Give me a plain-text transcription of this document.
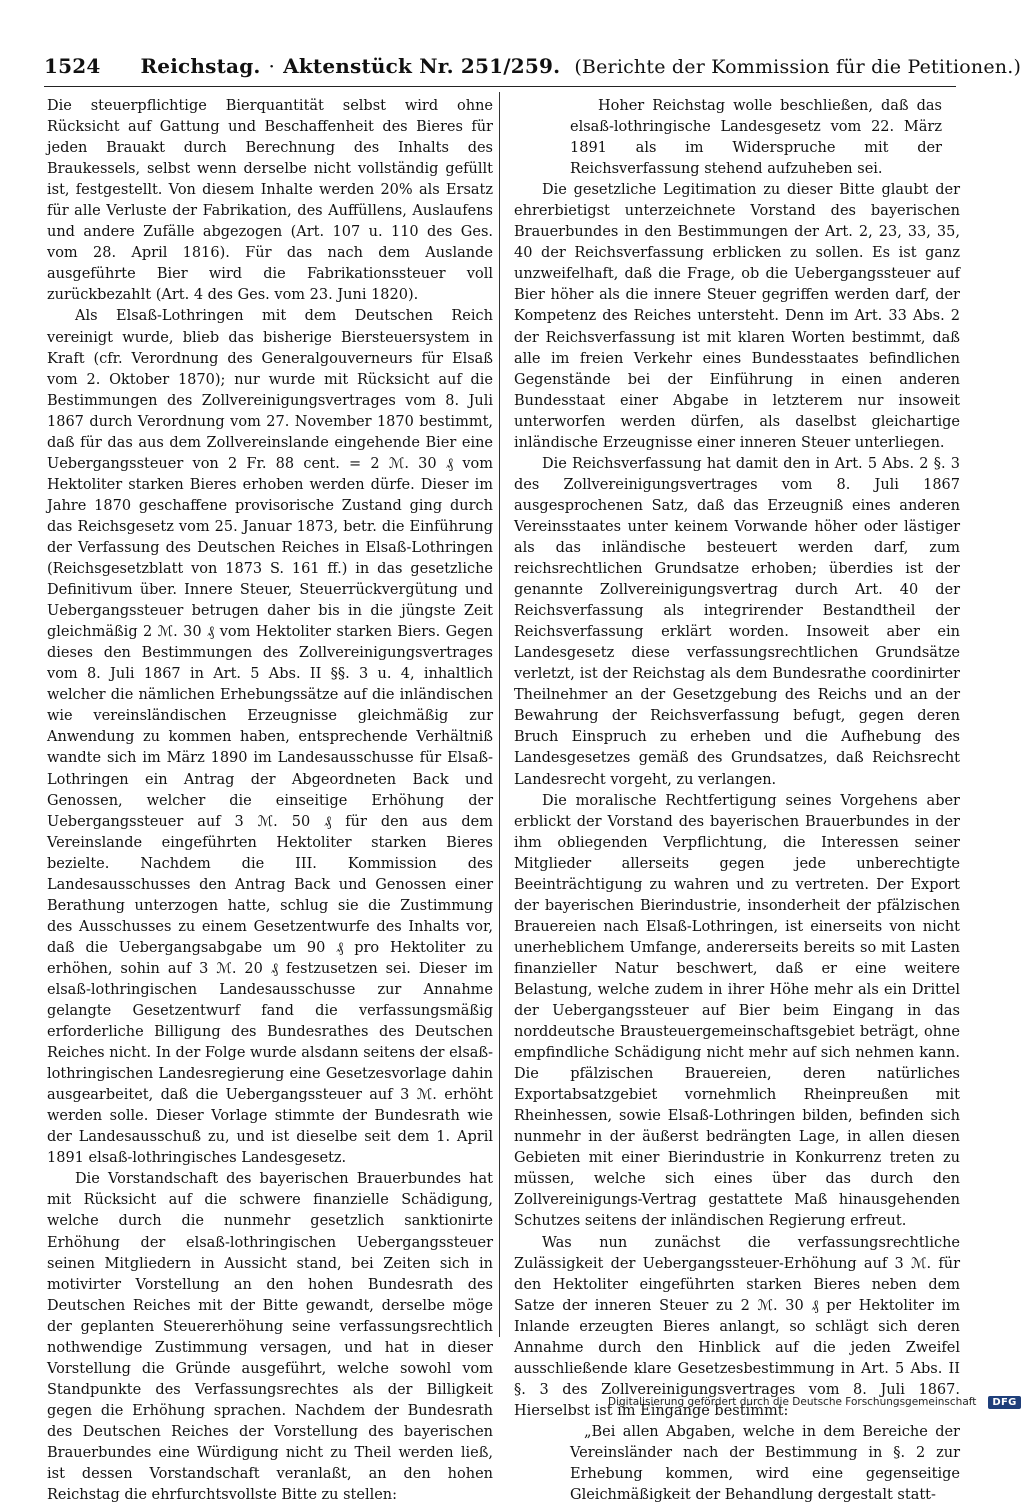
1524 Reichstag. · Aktenstück Nr. 251/259. (Berichte der Kommission für die Petitionen.)

Die steuerpflichtige Bierquantität selbst wird ohne Rücksicht auf Gattung und Beschaffenheit des Bieres für jeden Brauakt durch Berechnung des Inhalts des Braukessels, selbst wenn derselbe nicht vollständig gefüllt ist, festgestellt. Von diesem Inhalte werden 20% als Ersatz für alle Verluste der Fabrikation, des Auffüllens, Auslaufens und andere Zufälle abgezogen (Art. 107 u. 110 des Ges. vom 28. April 1816). Für das nach dem Auslande ausgeführte Bier wird die Fabrikationssteuer voll zurückbezahlt (Art. 4 des Ges. vom 23. Juni 1820).

Als Elsaß-Lothringen mit dem Deutschen Reich vereinigt wurde, blieb das bisherige Biersteuersystem in Kraft (cfr. Verordnung des Generalgouverneurs für Elsaß vom 2. Oktober 1870); nur wurde mit Rücksicht auf die Bestimmungen des Zollvereinigungsvertrages vom 8. Juli 1867 durch Verordnung vom 27. November 1870 bestimmt, daß für das aus dem Zollvereinslande eingehende Bier eine Uebergangssteuer von 2 Fr. 88 cent. = 2 ℳ. 30 ₰ vom Hektoliter starken Bieres erhoben werden dürfe. Dieser im Jahre 1870 geschaffene provisorische Zustand ging durch das Reichsgesetz vom 25. Januar 1873, betr. die Einführung der Verfassung des Deutschen Reiches in Elsaß-Lothringen (Reichsgesetzblatt von 1873 S. 161 ff.) in das gesetzliche Definitivum über. Innere Steuer, Steuerrückvergütung und Uebergangssteuer betrugen daher bis in die jüngste Zeit gleichmäßig 2 ℳ. 30 ₰ vom Hektoliter starken Biers. Gegen dieses den Bestimmungen des Zollvereinigungsvertrages vom 8. Juli 1867 in Art. 5 Abs. II §§. 3 u. 4, inhaltlich welcher die nämlichen Erhebungssätze auf die inländischen wie vereinsländischen Erzeugnisse gleichmäßig zur Anwendung zu kommen haben, entsprechende Verhältniß wandte sich im März 1890 im Landesausschusse für Elsaß-Lothringen ein Antrag der Abgeordneten Back und Genossen, welcher die einseitige Erhöhung der Uebergangssteuer auf 3 ℳ. 50 ₰ für den aus dem Vereinslande eingeführten Hektoliter starken Bieres bezielte. Nachdem die III. Kommission des Landesausschusses den Antrag Back und Genossen einer Berathung unterzogen hatte, schlug sie die Zustimmung des Ausschusses zu einem Gesetzentwurfe des Inhalts vor, daß die Uebergangsabgabe um 90 ₰ pro Hektoliter zu erhöhen, sohin auf 3 ℳ. 20 ₰ festzusetzen sei. Dieser im elsaß-lothringischen Landesausschusse zur Annahme gelangte Gesetzentwurf fand die verfassungsmäßig erforderliche Billigung des Bundesrathes des Deutschen Reiches nicht. In der Folge wurde alsdann seitens der elsaß-lothringischen Landesregierung eine Gesetzesvorlage dahin ausgearbeitet, daß die Uebergangssteuer auf 3 ℳ. erhöht werden solle. Dieser Vorlage stimmte der Bundesrath wie der Landesausschuß zu, und ist dieselbe seit dem 1. April 1891 elsaß-lothringisches Landesgesetz.

Die Vorstandschaft des bayerischen Brauerbundes hat mit Rücksicht auf die schwere finanzielle Schädigung, welche durch die nunmehr gesetzlich sanktionirte Erhöhung der elsaß-lothringischen Uebergangssteuer seinen Mitgliedern in Aussicht stand, bei Zeiten sich in motivirter Vorstellung an den hohen Bundesrath des Deutschen Reiches mit der Bitte gewandt, derselbe möge der geplanten Steuererhöhung seine verfassungsrechtlich nothwendige Zustimmung versagen, und hat in dieser Vorstellung die Gründe ausgeführt, welche sowohl vom Standpunkte des Verfassungsrechtes als der Billigkeit gegen die Erhöhung sprachen. Nachdem der Bundesrath des Deutschen Reiches der Vorstellung des bayerischen Brauerbundes eine Würdigung nicht zu Theil werden ließ, ist dessen Vorstandschaft veranlaßt, an den hohen Reichstag die ehrfurchtsvollste Bitte zu stellen:

Hoher Reichstag wolle beschließen, daß das elsaß-lothringische Landesgesetz vom 22. März 1891 als im Widerspruche mit der Reichsverfassung stehend aufzuheben sei.

Die gesetzliche Legitimation zu dieser Bitte glaubt der ehrerbietigst unterzeichnete Vorstand des bayerischen Brauerbundes in den Bestimmungen der Art. 2, 23, 33, 35, 40 der Reichsverfassung erblicken zu sollen. Es ist ganz unzweifelhaft, daß die Frage, ob die Uebergangssteuer auf Bier höher als die innere Steuer gegriffen werden darf, der Kompetenz des Reiches untersteht. Denn im Art. 33 Abs. 2 der Reichsverfassung ist mit klaren Worten bestimmt, daß alle im freien Verkehr eines Bundesstaates befindlichen Gegenstände bei der Einführung in einen anderen Bundesstaat einer Abgabe in letzterem nur insoweit unterworfen werden dürfen, als daselbst gleichartige inländische Erzeugnisse einer inneren Steuer unterliegen.

Die Reichsverfassung hat damit den in Art. 5 Abs. 2 §. 3 des Zollvereinigungsvertrages vom 8. Juli 1867 ausgesprochenen Satz, daß das Erzeugniß eines anderen Vereinsstaates unter keinem Vorwande höher oder lästiger als das inländische besteuert werden darf, zum reichsrechtlichen Grundsatze erhoben; überdies ist der genannte Zollvereinigungsvertrag durch Art. 40 der Reichsverfassung als integrirender Bestandtheil der Reichsverfassung erklärt worden. Insoweit aber ein Landesgesetz diese verfassungsrechtlichen Grundsätze verletzt, ist der Reichstag als dem Bundesrathe coordinirter Theilnehmer an der Gesetzgebung des Reichs und an der Bewahrung der Reichsverfassung befugt, gegen deren Bruch Einspruch zu erheben und die Aufhebung des Landesgesetzes gemäß des Grundsatzes, daß Reichsrecht Landesrecht vorgeht, zu verlangen.

Die moralische Rechtfertigung seines Vorgehens aber erblickt der Vorstand des bayerischen Brauerbundes in der ihm obliegenden Verpflichtung, die Interessen seiner Mitglieder allerseits gegen jede unberechtigte Beeinträchtigung zu wahren und zu vertreten. Der Export der bayerischen Bierindustrie, insonderheit der pfälzischen Brauereien nach Elsaß-Lothringen, ist einerseits von nicht unerheblichem Umfange, andererseits bereits so mit Lasten finanzieller Natur beschwert, daß er eine weitere Belastung, welche zudem in ihrer Höhe mehr als ein Drittel der Uebergangssteuer auf Bier beim Eingang in das norddeutsche Brausteuergemeinschaftsgebiet beträgt, ohne empfindliche Schädigung nicht mehr auf sich nehmen kann. Die pfälzischen Brauereien, deren natürliches Exportabsatzgebiet vornehmlich Rheinpreußen mit Rheinhessen, sowie Elsaß-Lothringen bilden, befinden sich nunmehr in der äußerst bedrängten Lage, in allen diesen Gebieten mit einer Bierindustrie in Konkurrenz treten zu müssen, welche sich eines über das durch den Zollvereinigungs-Vertrag gestattete Maß hinausgehenden Schutzes seitens der inländischen Regierung erfreut.

Was nun zunächst die verfassungsrechtliche Zulässigkeit der Uebergangssteuer-Erhöhung auf 3 ℳ. für den Hektoliter eingeführten starken Bieres neben dem Satze der inneren Steuer zu 2 ℳ. 30 ₰ per Hektoliter im Inlande erzeugten Bieres anlangt, so schlägt sich deren Annahme durch den Hinblick auf die jeden Zweifel ausschließende klare Gesetzesbestimmung in Art. 5 Abs. II §. 3 des Zollvereinigungsvertrages vom 8. Juli 1867. Hierselbst ist im Eingange bestimmt:

„Bei allen Abgaben, welche in dem Bereiche der Vereinsländer nach der Bestimmung in §. 2 zur Erhebung kommen, wird eine gegenseitige Gleichmäßigkeit der Behandlung dergestalt statt-

Digitalisierung gefördert durch die Deutsche Forschungsgemeinschaft	DFG
